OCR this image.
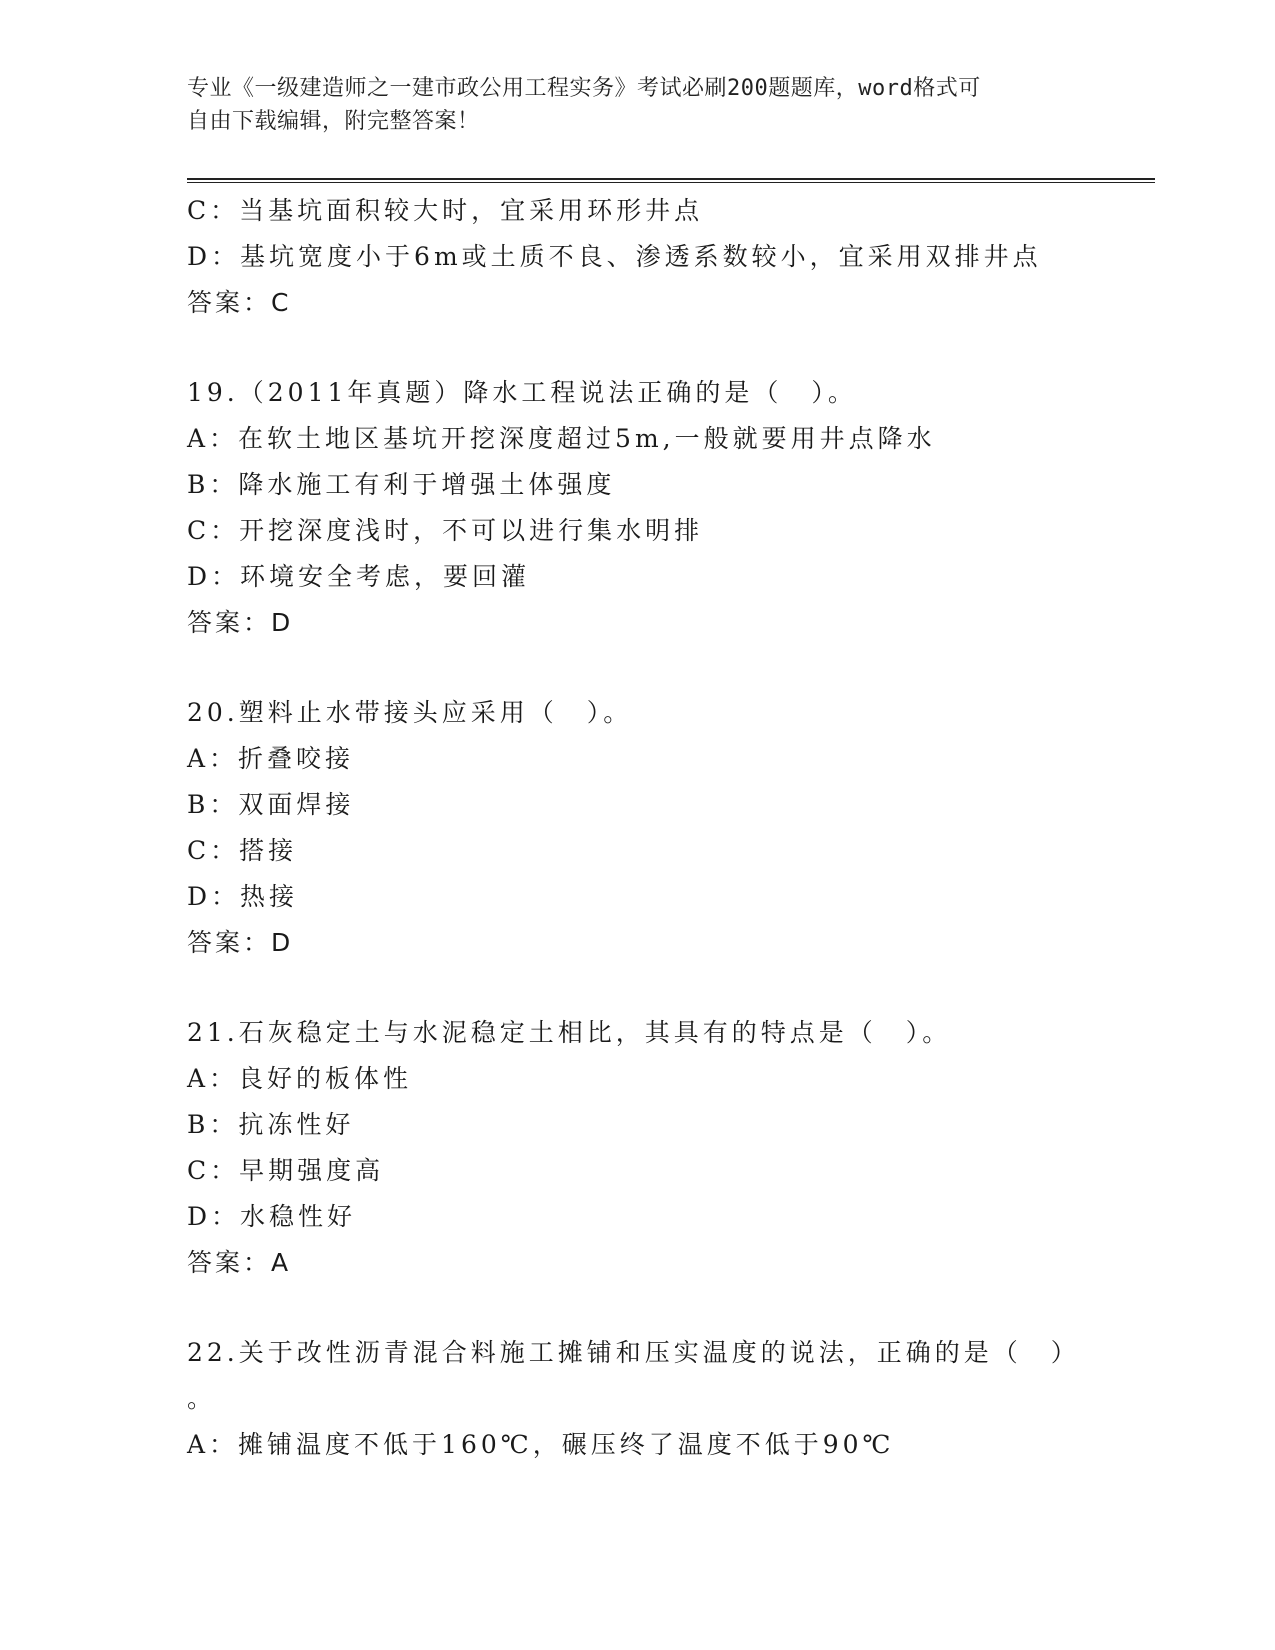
专业《一级建造师之一建市政公用工程实务》考试必刷200题题库，word格式可
自由下载编辑，附完整答案！
C：当基坑面积较大时，宜采用环形井点
D：基坑宽度小于6m或土质不良、渗透系数较小，宜采用双排井点
答案：C
19.（2011年真题）降水工程说法正确的是（　）。
A：在软土地区基坑开挖深度超过5m,一般就要用井点降水
B：降水施工有利于增强土体强度
C：开挖深度浅时，不可以进行集水明排
D：环境安全考虑，要回灌
答案：D
20.塑料止水带接头应采用（　）。
A：折叠咬接
B：双面焊接
C：搭接
D：热接
答案：D
21.石灰稳定土与水泥稳定土相比，其具有的特点是（　）。
A：良好的板体性
B：抗冻性好
C：早期强度高
D：水稳性好
答案：A
22.关于改性沥青混合料施工摊铺和压实温度的说法，正确的是（　）
。
A：摊铺温度不低于160℃，碾压终了温度不低于90℃
